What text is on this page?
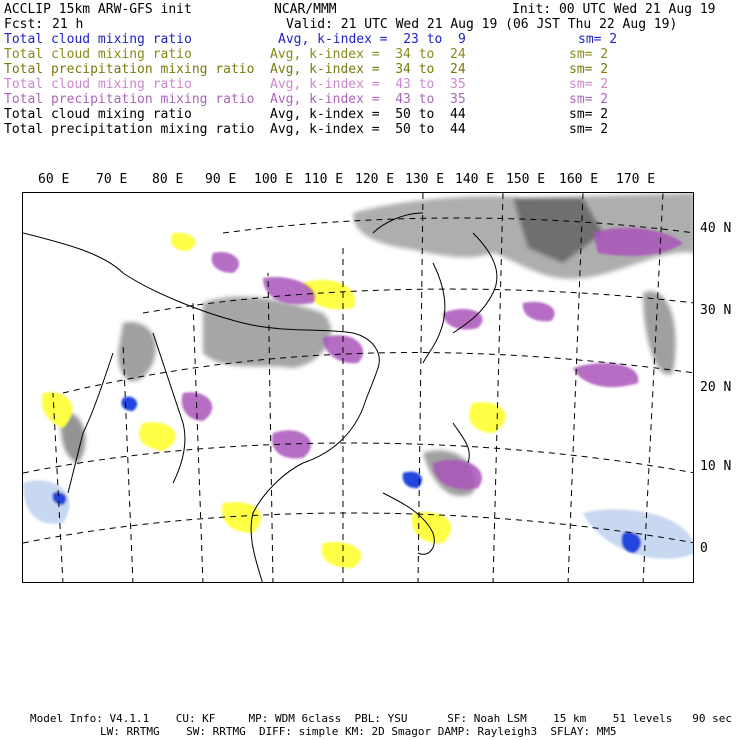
ACCLIP 15km ARW-GFS init	NCAR/MMM	Init: 00 UTC Wed 21 Aug 19
Fcst: 21 h	Valid: 21 UTC Wed 21 Aug 19 (06 JST Thu 22 Aug 19)
Total cloud mixing ratio	Avg, k-index =  23 to  9	sm= 2
Total cloud mixing ratio	Avg, k-index =  34 to  24	sm= 2
Total precipitation mixing ratio Avg, k-index =  34 to  24	sm= 2
Total cloud mixing ratio	Avg, k-index =  43 to  35	sm= 2
Total precipitation mixing ratio Avg, k-index =  43 to  35	sm= 2
Total cloud mixing ratio	Avg, k-index =  50 to  44	sm= 2
Total precipitation mixing ratio Avg, k-index =  50 to  44	sm= 2
60 E 70 E 80 E 90 E 100 E 110 E 120 E 130 E 140 E 150 E 160 E 170 E
40 N
30 N
20 N
10 N
0
Model Info: V4.1.1    CU: KF     MP: WDM 6class  PBL: YSU      SF: Noah LSM    15 km    51 levels   90 sec
LW: RRTMG    SW: RRTMG  DIFF: simple KM: 2D Smagor DAMP: Rayleigh3  SFLAY: MM5
